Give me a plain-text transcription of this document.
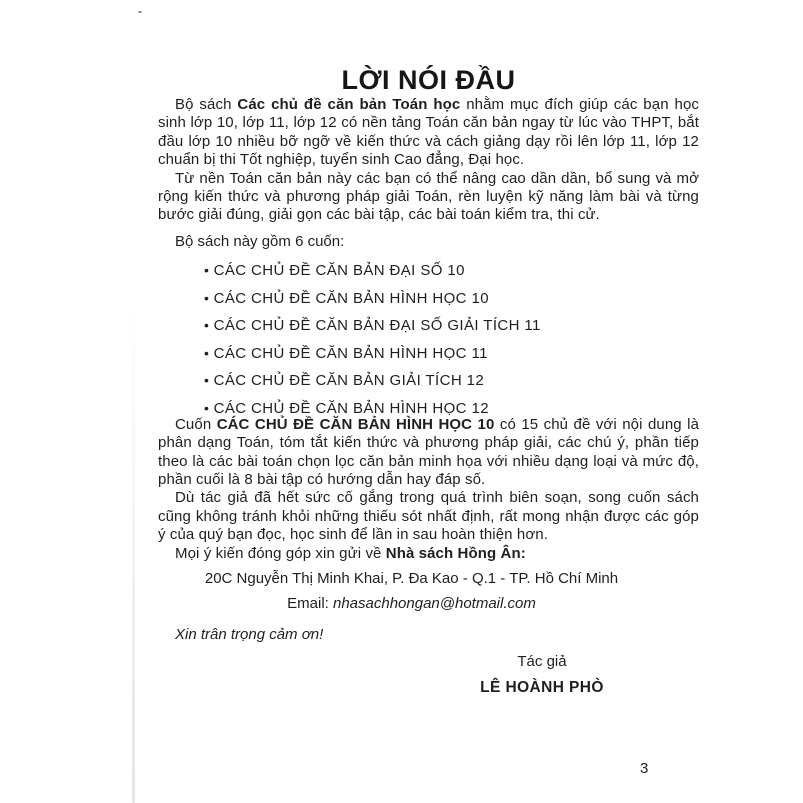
LỜI NÓI ĐẦU

Bộ sách Các chủ đề căn bản Toán học nhằm mục đích giúp các bạn học sinh lớp 10, lớp 11, lớp 12 có nền tảng Toán căn bản ngay từ lúc vào THPT, bắt đầu lớp 10 nhiều bỡ ngỡ về kiến thức và cách giảng dạy rồi lên lớp 11, lớp 12 chuẩn bị thi Tốt nghiệp, tuyển sinh Cao đẳng, Đại học.

Từ nền Toán căn bản này các bạn có thể nâng cao dần dần, bổ sung và mở rộng kiến thức và phương pháp giải Toán, rèn luyện kỹ năng làm bài và từng bước giải đúng, giải gọn các bài tập, các bài toán kiểm tra, thi cử.

Bộ sách này gồm 6 cuốn:

• CÁC CHỦ ĐỀ CĂN BẢN ĐẠI SỐ 10
• CÁC CHỦ ĐỀ CĂN BẢN HÌNH HỌC 10
• CÁC CHỦ ĐỀ CĂN BẢN ĐẠI SỐ GIẢI TÍCH 11
• CÁC CHỦ ĐỀ CĂN BẢN HÌNH HỌC 11
• CÁC CHỦ ĐỀ CĂN BẢN GIẢI TÍCH 12
• CÁC CHỦ ĐỀ CĂN BẢN HÌNH HỌC 12

Cuốn CÁC CHỦ ĐỀ CĂN BẢN HÌNH HỌC 10 có 15 chủ đề với nội dung là phân dạng Toán, tóm tắt kiến thức và phương pháp giải, các chú ý, phần tiếp theo là các bài toán chọn lọc căn bản minh họa với nhiều dạng loại và mức độ, phần cuối là 8 bài tập có hướng dẫn hay đáp số.

Dù tác giả đã hết sức cố gắng trong quá trình biên soạn, song cuốn sách cũng không tránh khỏi những thiếu sót nhất định, rất mong nhận được các góp ý của quý bạn đọc, học sinh để lần in sau hoàn thiện hơn.

Mọi ý kiến đóng góp xin gửi về Nhà sách Hồng Ân:

20C Nguyễn Thị Minh Khai, P. Đa Kao - Q.1 - TP. Hồ Chí Minh

Email: nhasachhongan@hotmail.com

Xin trân trọng cảm ơn!

Tác giả

LÊ HOÀNH PHÒ

3
